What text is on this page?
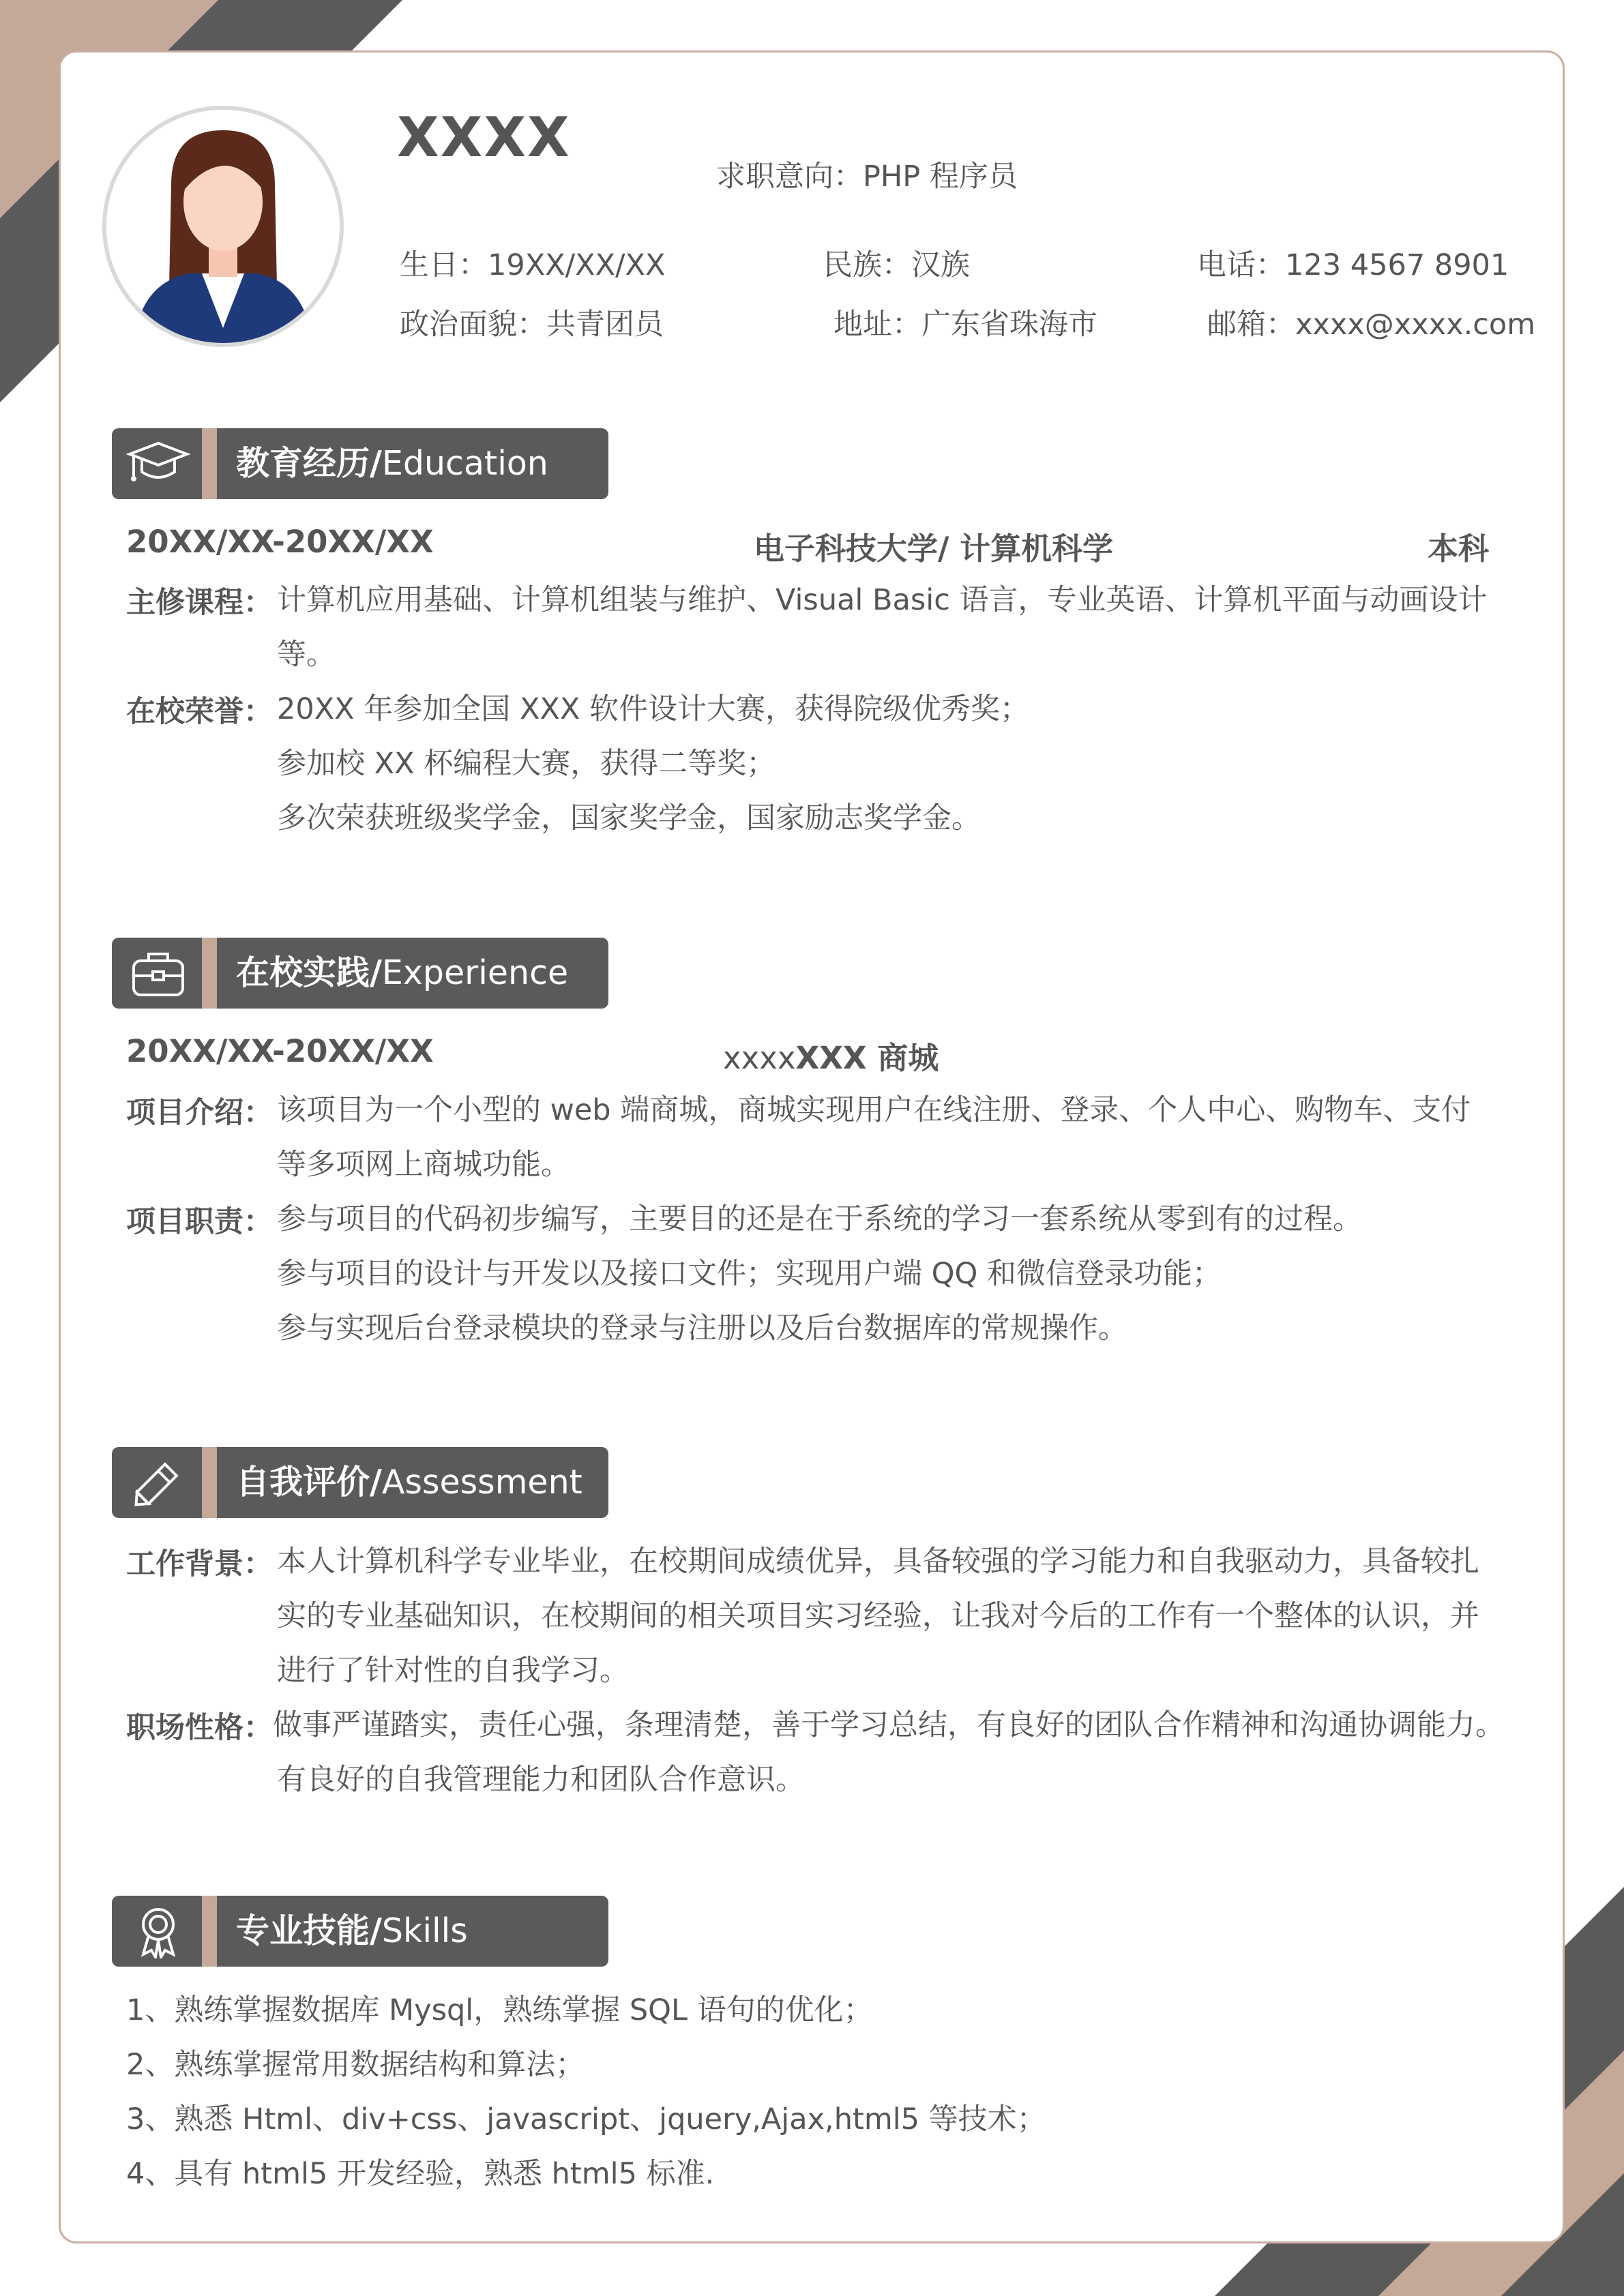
XXXX
求职意向：PHP 程序员
生日：19XX/XX/XX	民族：汉族	电话：123 4567 8901
政治面貌：共青团员	地址：广东省珠海市	邮箱：xxxx@xxxx.com
教育经历/Education
20XX/XX-20XX/XX	电子科技大学/ 计算机科学	本科
主修课程： 计算机应用基础、计算机组装与维护、Visual Basic 语言，专业英语、计算机平面与动画设计
等。
在校荣誉： 20XX 年参加全国 XXX 软件设计大赛，获得院级优秀奖；
参加校 XX 杯编程大赛，获得二等奖；
多次荣获班级奖学金，国家奖学金，国家励志奖学金。
在校实践/Experience
20XX/XX-20XX/XX	xxxxXXX 商城
项目介绍： 该项目为一个小型的 web 端商城，商城实现用户在线注册、登录、个人中心、购物车、支付
等多项网上商城功能。
项目职责： 参与项目的代码初步编写，主要目的还是在于系统的学习一套系统从零到有的过程。
参与项目的设计与开发以及接口文件；实现用户端 QQ 和微信登录功能；
参与实现后台登录模块的登录与注册以及后台数据库的常规操作。
自我评价/Assessment
工作背景： 本人计算机科学专业毕业，在校期间成绩优异，具备较强的学习能力和自我驱动力，具备较扎
实的专业基础知识，在校期间的相关项目实习经验，让我对今后的工作有一个整体的认识，并
进行了针对性的自我学习。
职场性格： 做事严谨踏实，责任心强，条理清楚，善于学习总结，有良好的团队合作精神和沟通协调能力。
有良好的自我管理能力和团队合作意识。
专业技能/Skills
1、熟练掌握数据库 Mysql，熟练掌握 SQL 语句的优化；
2、熟练掌握常用数据结构和算法；
3、熟悉 Html、div+css、javascript、jquery,Ajax,html5 等技术；
4、具有 html5 开发经验，熟悉 html5 标准.
